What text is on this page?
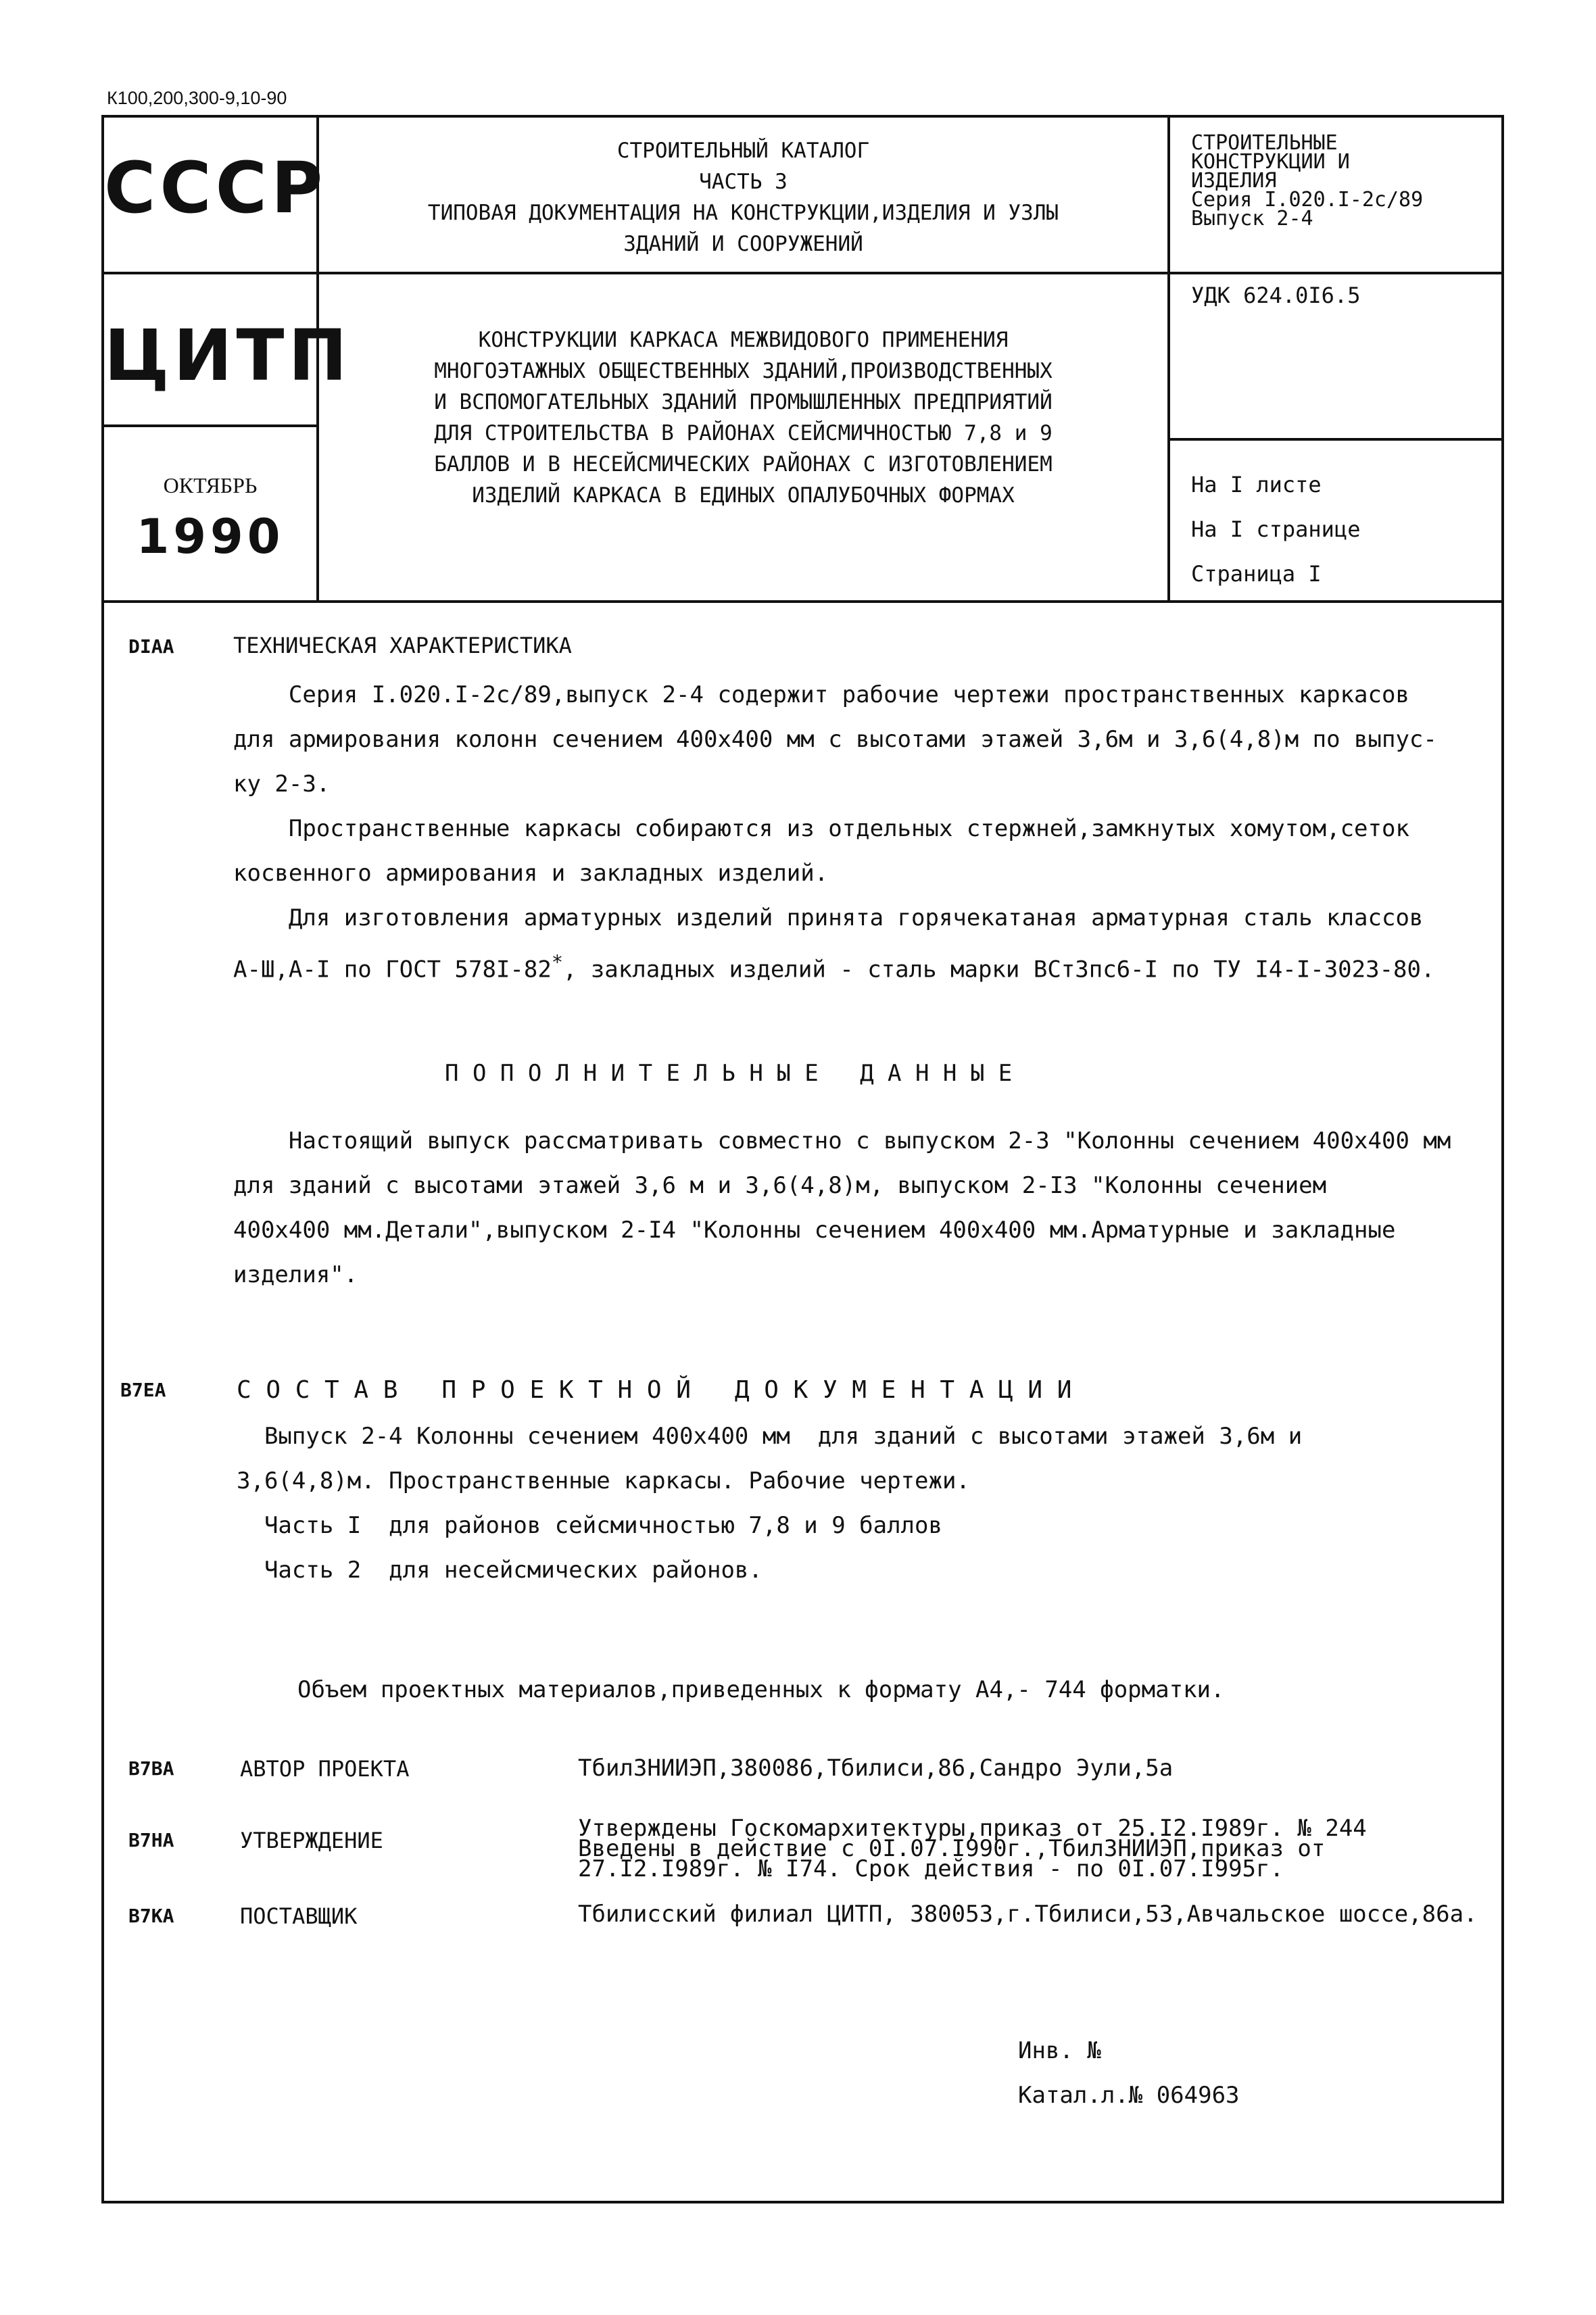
К100,200,300-9,10-90
СССР
ЦИТП
ОКТЯБРЬ
1990
СТРОИТЕЛЬНЫЙ КАТАЛОГ
ЧАСТЬ 3
ТИПОВАЯ ДОКУМЕНТАЦИЯ НА КОНСТРУКЦИИ,ИЗДЕЛИЯ И УЗЛЫ
ЗДАНИЙ И СООРУЖЕНИЙ
СТРОИТЕЛЬНЫЕ
КОНСТРУКЦИИ И
ИЗДЕЛИЯ
Серия I.020.I-2с/89
Выпуск 2-4
УДК 624.0I6.5
КОНСТРУКЦИИ КАРКАСА МЕЖВИДОВОГО ПРИМЕНЕНИЯ
МНОГОЭТАЖНЫХ ОБЩЕСТВЕННЫХ ЗДАНИЙ,ПРОИЗВОДСТВЕННЫХ
И ВСПОМОГАТЕЛЬНЫХ ЗДАНИЙ ПРОМЫШЛЕННЫХ ПРЕДПРИЯТИЙ
ДЛЯ СТРОИТЕЛЬСТВА В РАЙОНАХ СЕЙСМИЧНОСТЬЮ 7,8 и 9
БАЛЛОВ И В НЕСЕЙСМИЧЕСКИХ РАЙОНАХ С ИЗГОТОВЛЕНИЕМ
ИЗДЕЛИЙ КАРКАСА В ЕДИНЫХ ОПАЛУБОЧНЫХ ФОРМАХ	На I листе
На I странице
Страница I
DIAA	ТЕХНИЧЕСКАЯ ХАРАКТЕРИСТИКА
Серия I.020.I-2с/89,выпуск 2-4 содержит рабочие чертежи пространственных каркасов
для армирования колонн сечением 400х400 мм с высотами этажей 3,6м и 3,6(4,8)м по выпус-
ку 2-3.
Пространственные каркасы собираются из отдельных стержней,замкнутых хомутом,сеток
косвенного армирования и закладных изделий.
Для изготовления арматурных изделий принята горячекатаная арматурная сталь классов
А-Ш,А-I по ГОСТ 578I-82*, закладных изделий - сталь марки ВСт3пс6-I по ТУ I4-I-3023-80.
П О П О Л Н И Т Е Л Ь Н Ы Е   Д А Н Н Ы Е
Настоящий выпуск рассматривать совместно с выпуском 2-3 "Колонны сечением 400х400 мм
для зданий с высотами этажей 3,6 м и 3,6(4,8)м, выпуском 2-I3 "Колонны сечением
400х400 мм.Детали",выпуском 2-I4 "Колонны сечением 400х400 мм.Арматурные и закладные
изделия".
В7ЕА	С О С Т А В   П Р О Е К Т Н О Й   Д О К У М Е Н Т А Ц И И
Выпуск 2-4 Колонны сечением 400х400 мм  для зданий с высотами этажей 3,6м и
3,6(4,8)м. Пространственные каркасы. Рабочие чертежи.
Часть I  для районов сейсмичностью 7,8 и 9 баллов
Часть 2  для несейсмических районов.
Объем проектных материалов,приведенных к формату А4,- 744 форматки.
В7ВА	АВТОР ПРОЕКТА	ТбилЗНИИЭП,380086,Тбилиси,86,Сандро Эули,5а
В7НА	УТВЕРЖДЕНИЕ	Утверждены Госкомархитектуры,приказ от 25.I2.I989г. № 244
Введены в действие с 0I.07.I990г.,ТбилЗНИИЭП,приказ от
27.I2.I989г. № I74. Срок действия - по 0I.07.I995г.
В7КА	ПОСТАВЩИК	Тбилисский филиал ЦИТП, 380053,г.Тбилиси,53,Авчальское шоссе,86а.
Инв. №
Катал.л.№ 064963
